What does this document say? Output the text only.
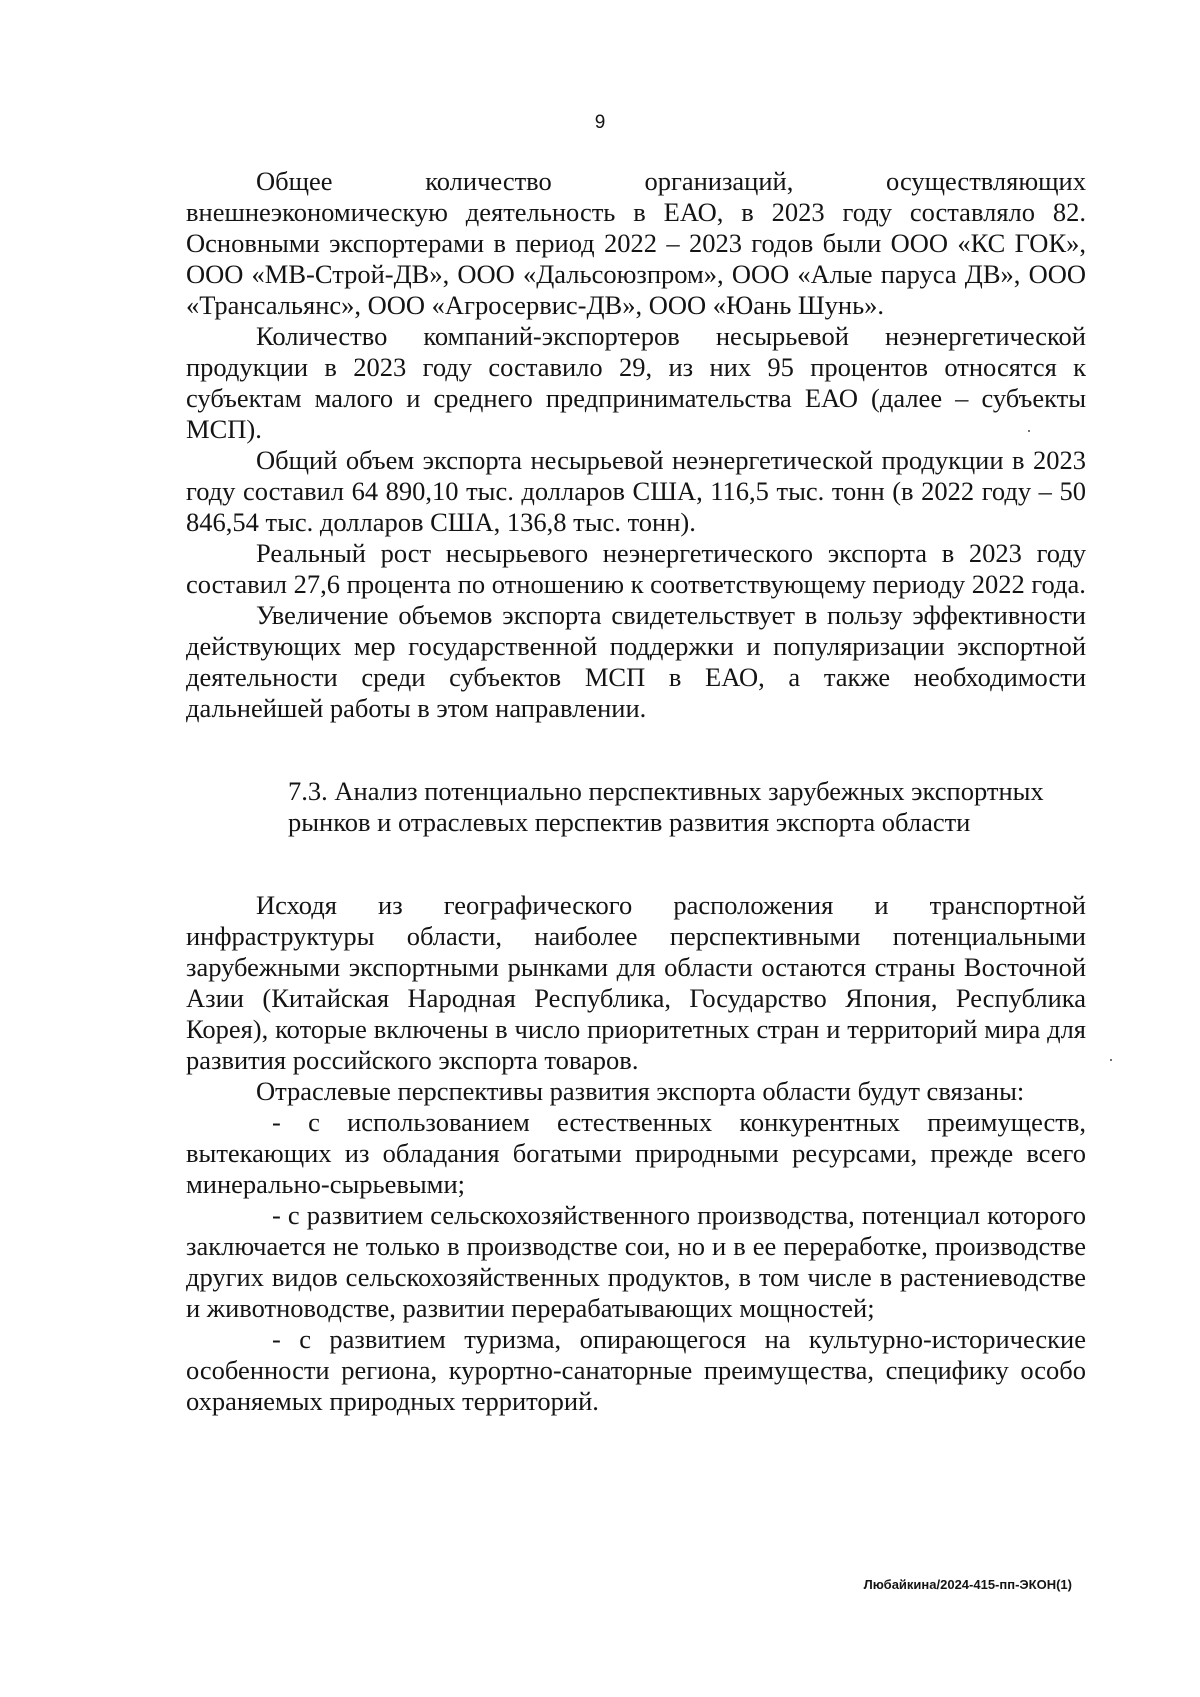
9

Общее количество организаций, осуществляющих внешнеэкономическую деятельность в ЕАО, в 2023 году составляло 82. Основными экспортерами в период 2022 – 2023 годов были ООО «КС ГОК», ООО «МВ-Строй-ДВ», ООО «Дальсоюзпром», ООО «Алые паруса ДВ», ООО «Трансальянс», ООО «Агросервис-ДВ», ООО «Юань Шунь».

Количество компаний-экспортеров несырьевой неэнергетической продукции в 2023 году составило 29, из них 95 процентов относятся к субъектам малого и среднего предпринимательства ЕАО (далее – субъекты МСП).

Общий объем экспорта несырьевой неэнергетической продукции в 2023 году составил 64 890,10 тыс. долларов США, 116,5 тыс. тонн (в 2022 году – 50 846,54 тыс. долларов США, 136,8 тыс. тонн).

Реальный рост несырьевого неэнергетического экспорта в 2023 году составил 27,6 процента по отношению к соответствующему периоду 2022 года.

Увеличение объемов экспорта свидетельствует в пользу эффективности действующих мер государственной поддержки и популяризации экспортной деятельности среди субъектов МСП в ЕАО, а также необходимости дальнейшей работы в этом направлении.

7.3. Анализ потенциально перспективных зарубежных экспортных рынков и отраслевых перспектив развития экспорта области

Исходя из географического расположения и транспортной инфраструктуры области, наиболее перспективными потенциальными зарубежными экспортными рынками для области остаются страны Восточной Азии (Китайская Народная Республика, Государство Япония, Республика Корея), которые включены в число приоритетных стран и территорий мира для развития российского экспорта товаров.

Отраслевые перспективы развития экспорта области будут связаны:

- с использованием естественных конкурентных преимуществ, вытекающих из обладания богатыми природными ресурсами, прежде всего минерально-сырьевыми;

- с развитием сельскохозяйственного производства, потенциал которого заключается не только в производстве сои, но и в ее переработке, производстве других видов сельскохозяйственных продуктов, в том числе в растениеводстве и животноводстве, развитии перерабатывающих мощностей;

- с развитием туризма, опирающегося на культурно-исторические особенности региона, курортно-санаторные преимущества, специфику особо охраняемых природных территорий.

Любайкина/2024-415-пп-ЭКОН(1)
